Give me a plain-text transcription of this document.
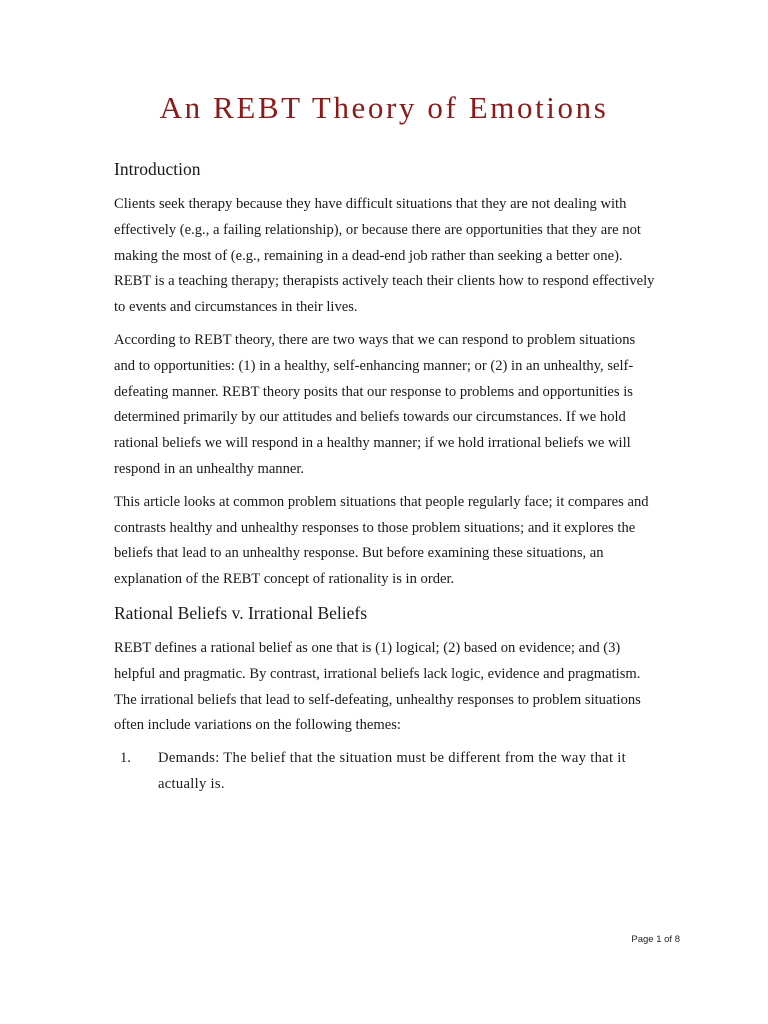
An REBT Theory of Emotions
Introduction

Clients seek therapy because they have difficult situations that they are not dealing with effectively (e.g., a failing relationship), or because there are opportunities that they are not making the most of (e.g., remaining in a dead-end job rather than seeking a better one). REBT is a teaching therapy; therapists actively teach their clients how to respond effectively to events and circumstances in their lives.

According to REBT theory, there are two ways that we can respond to problem situations and to opportunities: (1) in a healthy, self-enhancing manner; or (2) in an unhealthy, self-defeating manner. REBT theory posits that our response to problems and opportunities is determined primarily by our attitudes and beliefs towards our circumstances. If we hold rational beliefs we will respond in a healthy manner; if we hold irrational beliefs we will respond in an unhealthy manner.

This article looks at common problem situations that people regularly face; it compares and contrasts healthy and unhealthy responses to those problem situations; and it explores the beliefs that lead to an unhealthy response. But before examining these situations, an explanation of the REBT concept of rationality is in order.

Rational Beliefs v. Irrational Beliefs

REBT defines a rational belief as one that is (1) logical; (2) based on evidence; and (3) helpful and pragmatic. By contrast, irrational beliefs lack logic, evidence and pragmatism. The irrational beliefs that lead to self-defeating, unhealthy responses to problem situations often include variations on the following themes:

1.	Demands: The belief that the situation must be different from the way that it actually is.
Page 1 of 8
